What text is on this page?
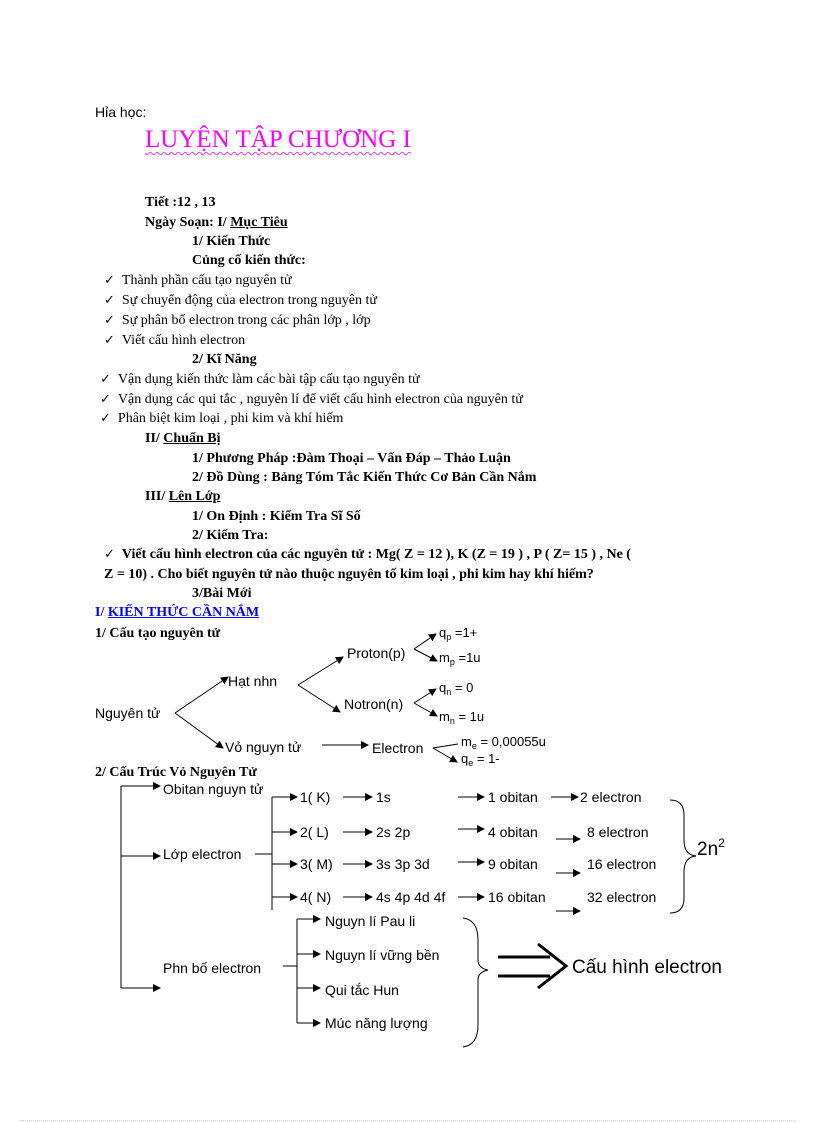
Hỉa học:
LUYỆN TẬP CHƯƠNG I
Tiết :12 , 13
Ngày Soạn: I/ Mục Tiêu
1/ Kiến Thức
Củng cố kiến thức:
✓ Thành phần cấu tạo nguyên tử
✓ Sự chuyển động của electron trong nguyên tử
✓ Sự phân bố electron trong các phân lớp , lớp
✓ Viết cấu hình electron
2/ Kĩ Năng
✓ Vận dụng kiến thức làm các bài tập cấu tạo nguyên tử
✓ Vận dụng các qui tắc , nguyên lí để viết cấu hình electron của nguyên tử
✓ Phân biệt kim loại , phi kim và khí hiếm
II/ Chuẩn Bị
1/ Phương Pháp :Đàm Thoại – Vấn Đáp – Thảo Luận
2/ Đồ Dùng : Bảng Tóm Tắc Kiến Thức Cơ Bản Cần Nắm
III/ Lên Lớp
1/ On Định : Kiểm Tra Sĩ Số
2/ Kiểm Tra:
✓ Viết cấu hình electron của các nguyên tử : Mg( Z = 12 ), K (Z = 19 ) , P ( Z= 15 ) , Ne (
Z = 10) . Cho biết nguyên tử nào thuộc nguyên tố kim loại , phi kim hay khí hiếm?
3/Bài Mới
I/ KIẾN THỨC CẦN NẮM
1/ Cấu tạo nguyên tử
2/ Cấu Trúc Vỏ Nguyên Tử
Nguyên tử
Hạt nhn
Vỏ nguyn tử
Proton(p)
Notron(n)
Electron
$q_p =1+$
$m_p =1u$
$q_n = 0$
$m_n = 1u$
$m_e = 0,00055u$
$q_e = 1-$
Obitan nguyn tử
Lớp electron
Phn bố electron
1( K)	1s	1 obitan	2 electron
2( L)	2s 2p	4 obitan	8 electron
3( M)	3s 3p 3d	9 obitan	16 electron
4( N)	4s 4p 4d 4f	16 obitan	32 electron
$2n^2$
Nguyn lí Pau li
Nguyn lí vững bền
Qui tắc Hun
Múc năng lượng
Cấu hình electron
